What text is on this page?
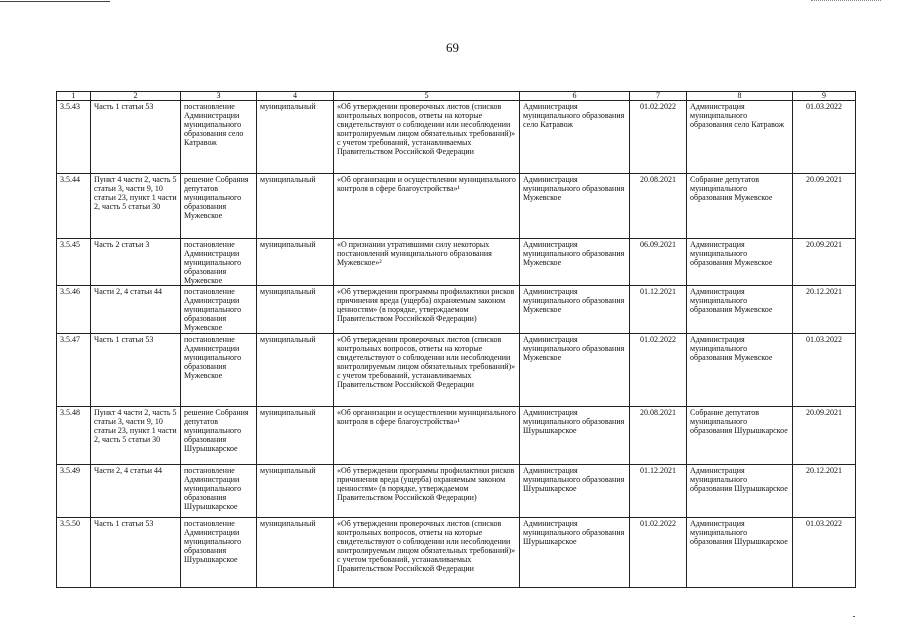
69
1	2	3	4	5	6	7	8	9
3.5.43	Часть 1 статьи 53	постановление Администрации муниципального образования село Катравож	муниципальный	«Об утверждении проверочных листов (списков контрольных вопросов, ответы на которые свидетельствуют о соблюдении или несоблюдении контролируемым лицом обязательных требований)» с учетом требований, устанавливаемых Правительством Российской Федерации	Администрация муниципального образования село Катравож	01.02.2022	Администрация муниципального образования село Катравож	01.03.2022
3.5.44	Пункт 4 части 2, часть 5 статьи 3, части 9, 10 статьи 23, пункт 1 части 2, часть 5 статьи 30	решение Собрания депутатов муниципального образования Мужевское	муниципальный	«Об организации и осуществлении муниципального контроля в сфере благоустройства»¹	Администрация муниципального образования Мужевское	20.08.2021	Собрание депутатов муниципального образования Мужевское	20.09.2021
3.5.45	Часть 2 статьи 3	постановление Администрации муниципального образования Мужевское	муниципальный	«О признании утратившими силу некоторых постановлений муниципального образования Мужевское»²	Администрация муниципального образования Мужевское	06.09.2021	Администрация муниципального образования Мужевское	20.09.2021
3.5.46	Части 2, 4 статьи 44	постановление Администрации муниципального образования Мужевское	муниципальный	«Об утверждении программы профилактики рисков причинения вреда (ущерба) охраняемым законом ценностям» (в порядке, утверждаемом Правительством Российской Федерации)	Администрация муниципального образования Мужевское	01.12.2021	Администрация муниципального образования Мужевское	20.12.2021
3.5.47	Часть 1 статьи 53	постановление Администрации муниципального образования Мужевское	муниципальный	«Об утверждении проверочных листов (списков контрольных вопросов, ответы на которые свидетельствуют о соблюдении или несоблюдении контролируемым лицом обязательных требований)» с учетом требований, устанавливаемых Правительством Российской Федерации	Администрация муниципального образования Мужевское	01.02.2022	Администрация муниципального образования Мужевское	01.03.2022
3.5.48	Пункт 4 части 2, часть 5 статьи 3, части 9, 10 статьи 23, пункт 1 части 2, часть 5 статьи 30	решение Собрания депутатов муниципального образования Шурышкарское	муниципальный	«Об организации и осуществлении муниципального контроля в сфере благоустройства»¹	Администрация муниципального образования Шурышкарское	20.08.2021	Собрание депутатов муниципального образования Шурышкарское	20.09.2021
3.5.49	Части 2, 4 статьи 44	постановление Администрации муниципального образования Шурышкарское	муниципальный	«Об утверждении программы профилактики рисков причинения вреда (ущерба) охраняемым законом ценностям» (в порядке, утверждаемом Правительством Российской Федерации)	Администрация муниципального образования Шурышкарское	01.12.2021	Администрация муниципального образования Шурышкарское	20.12.2021
3.5.50	Часть 1 статьи 53	постановление Администрации муниципального образования Шурышкарское	муниципальный	«Об утверждении проверочных листов (списков контрольных вопросов, ответы на которые свидетельствуют о соблюдении или несоблюдении контролируемым лицом обязательных требований)» с учетом требований, устанавливаемых Правительством Российской Федерации	Администрация муниципального образования Шурышкарское	01.02.2022	Администрация муниципального образования Шурышкарское	01.03.2022
